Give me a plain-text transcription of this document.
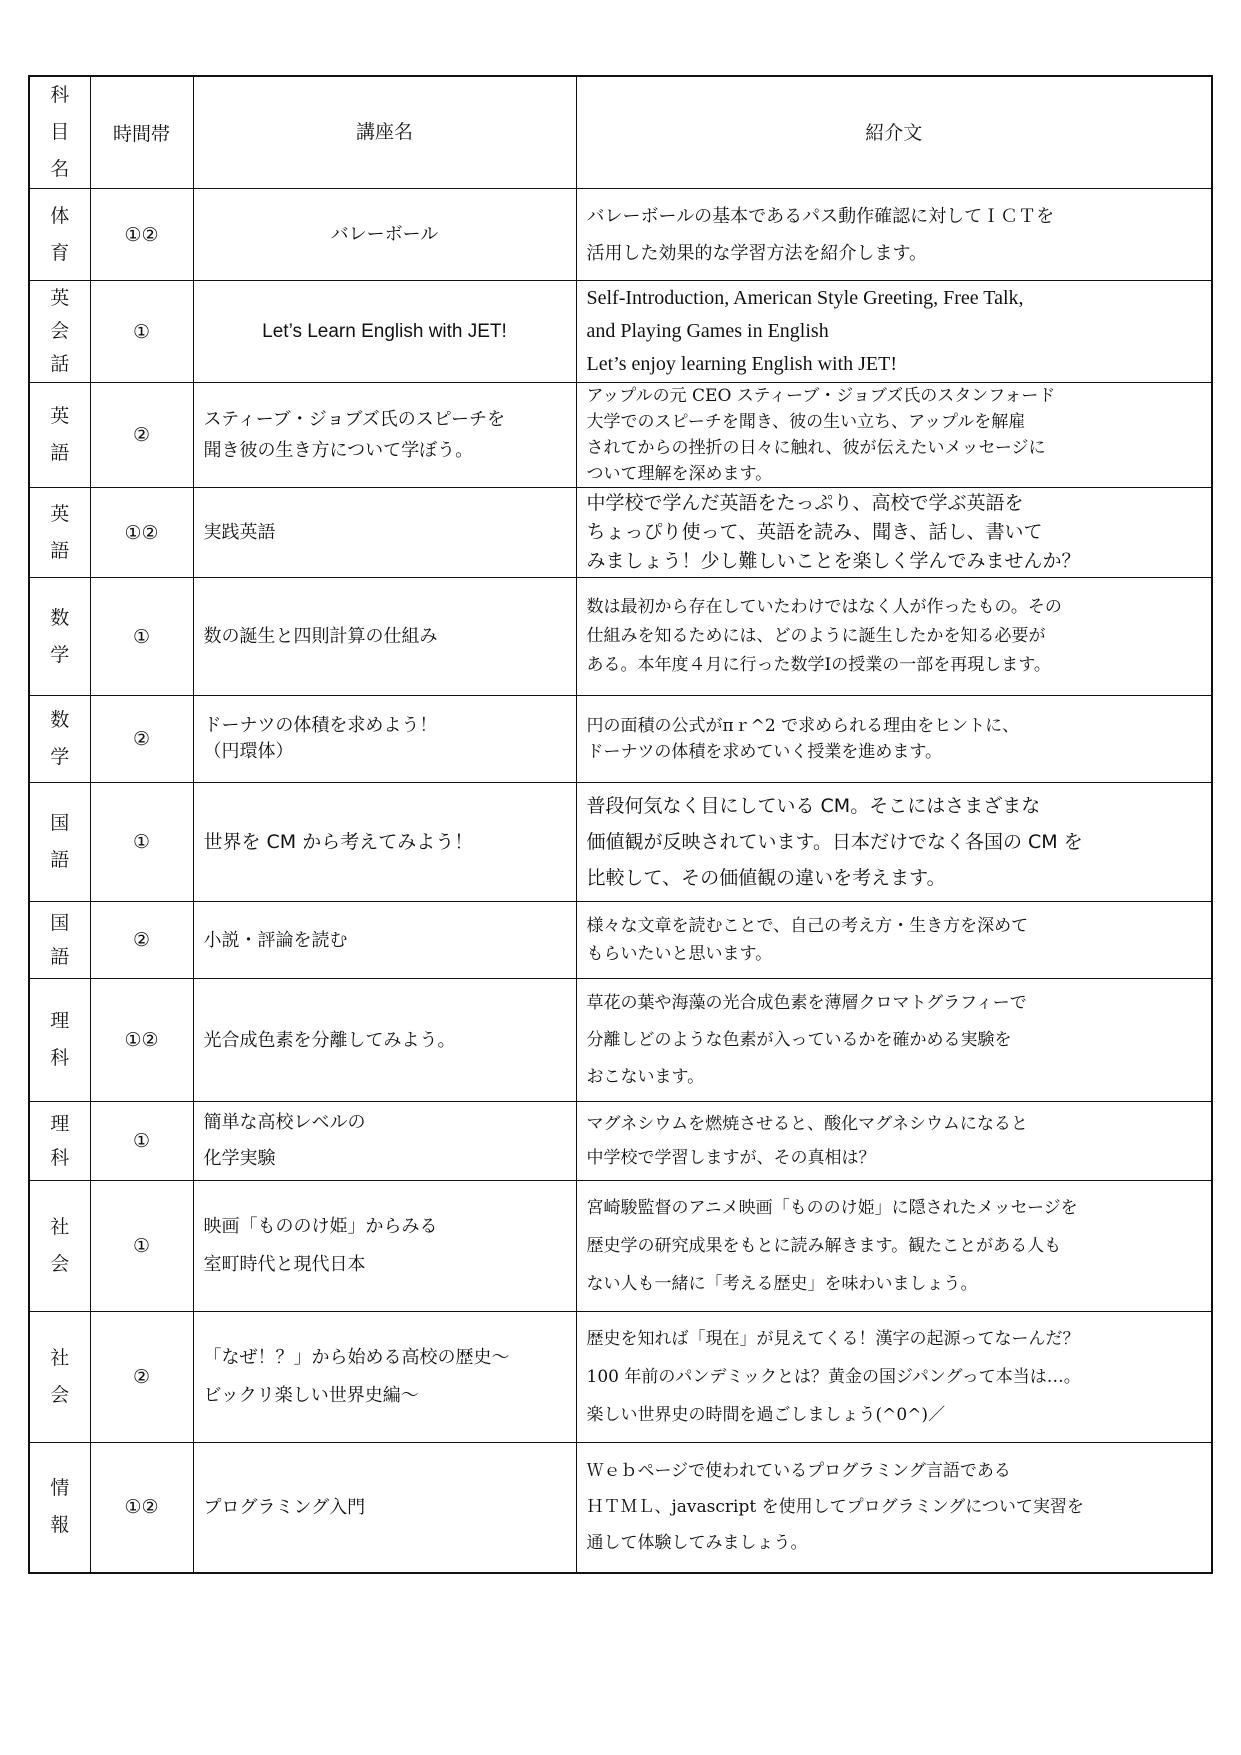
科
目
名	時間帯	講座名	紹介文

体
育	①②	バレーボール	バレーボールの基本であるパス動作確認に対してＩＣＴを
活用した効果的な学習方法を紹介します。

英
会
話	①	Let’s Learn English with JET!	Self-Introduction, American Style Greeting, Free Talk,
and Playing Games in English
Let’s enjoy learning English with JET!

英
語	②	スティーブ・ジョブズ氏のスピーチを
聞き彼の生き方について学ぼう。	アップルの元 CEO スティーブ・ジョブズ氏のスタンフォード
大学でのスピーチを聞き、彼の生い立ち、アップルを解雇
されてからの挫折の日々に触れ、彼が伝えたいメッセージに
ついて理解を深めます。

英
語	①②	実践英語	中学校で学んだ英語をたっぷり、高校で学ぶ英語を
ちょっぴり使って、英語を読み、聞き、話し、書いて
みましょう！少し難しいことを楽しく学んでみませんか？

数
学	①	数の誕生と四則計算の仕組み	数は最初から存在していたわけではなく人が作ったもの。その
仕組みを知るためには、どのように誕生したかを知る必要が
ある。本年度４月に行った数学Ⅰの授業の一部を再現します。

数
学	②	ドーナツの体積を求めよう！
（円環体）	円の面積の公式がπｒ^2 で求められる理由をヒントに、
ドーナツの体積を求めていく授業を進めます。

国
語	①	世界を CM から考えてみよう！	普段何気なく目にしている CM。そこにはさまざまな
価値観が反映されています。日本だけでなく各国の CM を
比較して、その価値観の違いを考えます。

国
語	②	小説・評論を読む	様々な文章を読むことで、自己の考え方・生き方を深めて
もらいたいと思います。

理
科	①②	光合成色素を分離してみよう。	草花の葉や海藻の光合成色素を薄層クロマトグラフィーで
分離しどのような色素が入っているかを確かめる実験を
おこないます。

理
科	①	簡単な高校レベルの
化学実験	マグネシウムを燃焼させると、酸化マグネシウムになると
中学校で学習しますが、その真相は？

社
会	①	映画「もののけ姫」からみる
室町時代と現代日本	宮崎駿監督のアニメ映画「もののけ姫」に隠されたメッセージを
歴史学の研究成果をもとに読み解きます。観たことがある人も
ない人も一緒に「考える歴史」を味わいましょう。

社
会	②	「なぜ！？」から始める高校の歴史～
ビックリ楽しい世界史編～	歴史を知れば「現在」が見えてくる！漢字の起源ってなーんだ？
100 年前のパンデミックとは？黄金の国ジパングって本当は…。
楽しい世界史の時間を過ごしましょう(^0^)／

情
報	①②	プログラミング入門	Ｗｅｂページで使われているプログラミング言語である
ＨＴＭＬ、javascript を使用してプログラミングについて実習を
通して体験してみましょう。
